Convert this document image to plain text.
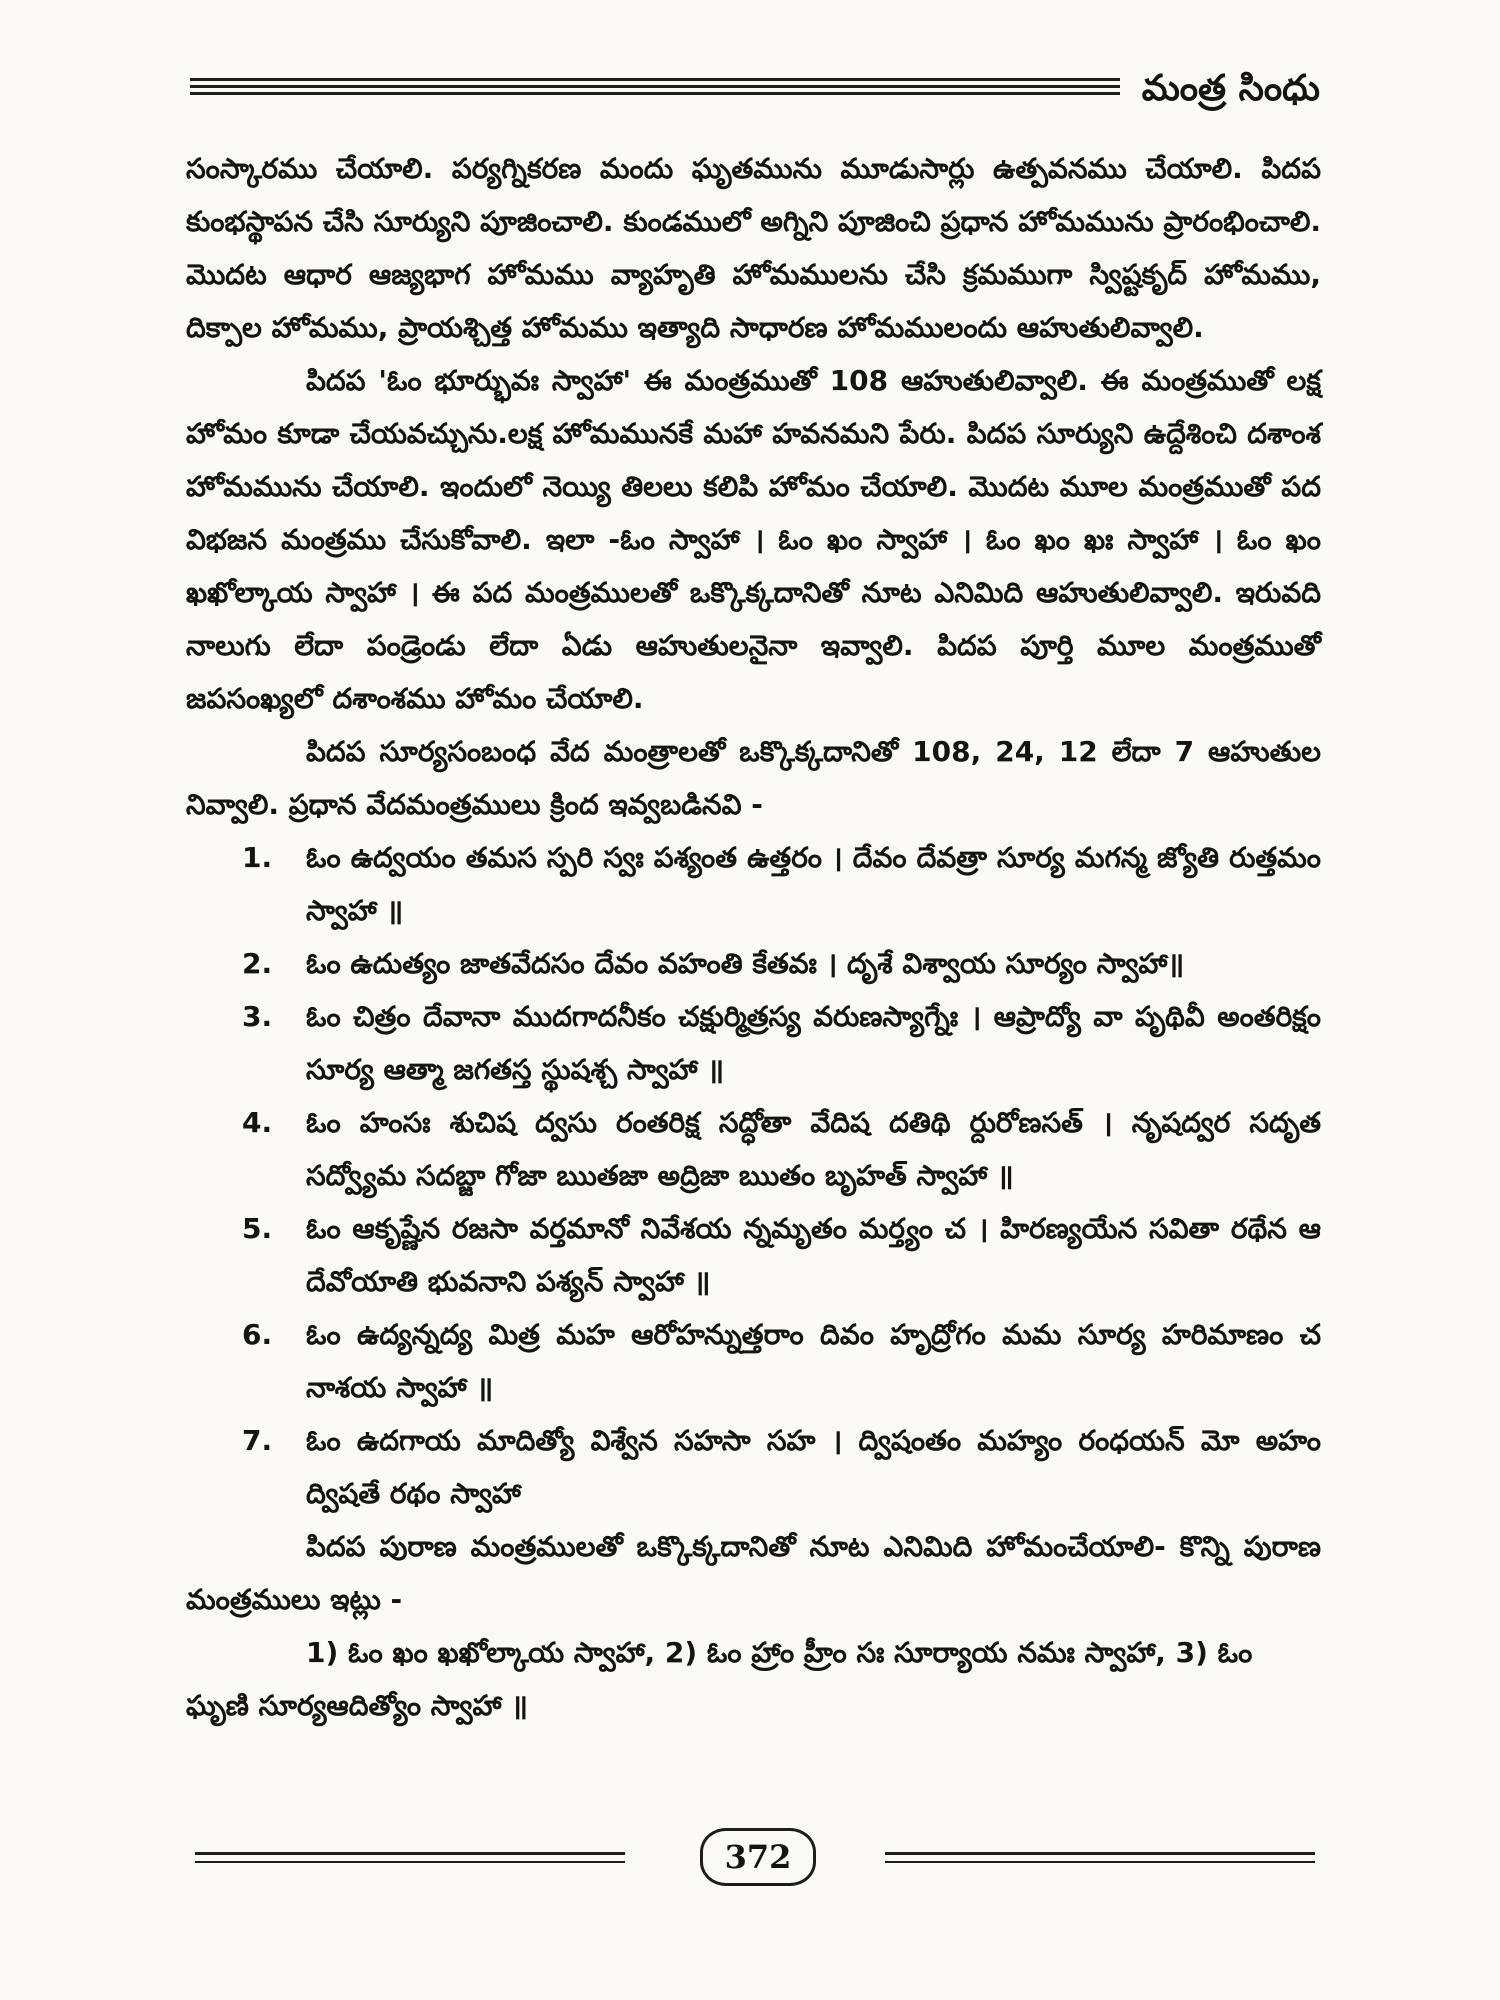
మంత్ర సింధు

సంస్కారము చేయాలి. పర్యగ్నికరణ మందు ఘృతమును మూడుసార్లు ఉత్పవనము చేయాలి. పిదప కుంభస్థాపన చేసి సూర్యుని పూజించాలి. కుండములో అగ్నిని పూజించి ప్రధాన హోమమును ప్రారంభించాలి. మొదట ఆధార ఆజ్యభాగ హోమము వ్యాహృతి హోమములను చేసి క్రమముగా స్విష్టకృద్ హోమము, దిక్పాల హోమము, ప్రాయశ్చిత్త హోమము ఇత్యాది సాధారణ హోమములందు ఆహుతులివ్వాలి.

పిదప 'ఓం భూర్భువః స్వాహా' ఈ మంత్రముతో 108 ఆహుతులివ్వాలి. ఈ మంత్రముతో లక్ష హోమం కూడా చేయవచ్చును.లక్ష హోమమునకే మహా హవనమని పేరు. పిదప సూర్యుని ఉద్దేశించి దశాంశ హోమమును చేయాలి. ఇందులో నెయ్యి తిలలు కలిపి హోమం చేయాలి. మొదట మూల మంత్రముతో పద విభజన మంత్రము చేసుకోవాలి. ఇలా -ఓం స్వాహా । ఓం ఖం స్వాహా । ఓం ఖం ఖః స్వాహా । ఓం ఖం ఖఖోల్కాయ స్వాహా । ఈ పద మంత్రములతో ఒక్కొక్కదానితో నూట ఎనిమిది ఆహుతులివ్వాలి. ఇరువది నాలుగు లేదా పండ్రెండు లేదా ఏడు ఆహుతులనైనా ఇవ్వాలి. పిదప పూర్తి మూల మంత్రముతో జపసంఖ్యలో దశాంశము హోమం చేయాలి.

పిదప సూర్యసంబంధ వేద మంత్రాలతో ఒక్కొక్కదానితో 108, 24, 12 లేదా 7 ఆహుతుల నివ్వాలి. ప్రధాన వేదమంత్రములు క్రింద ఇవ్వబడినవి -

1.	ఓం ఉద్వయం తమస స్పరి స్వః పశ్యంత ఉత్తరం । దేవం దేవత్రా సూర్య మగన్మ జ్యోతి రుత్తమం స్వాహా ॥
2.	ఓం ఉదుత్యం జాతవేదసం దేవం వహంతి కేతవః । దృశే విశ్వాయ సూర్యం స్వాహా॥
3.	ఓం చిత్రం దేవానా ముదగాదనీకం చక్షుర్మిత్రస్య వరుణస్యాగ్నేః । ఆప్రాద్యో వా పృథివీ అంతరిక్షం సూర్య ఆత్మా జగతస్త స్థుషశ్చ స్వాహా ॥
4.	ఓం హంసః శుచిష ద్వసు రంతరిక్ష సద్ధోతా వేదిష దతిథి ర్దురోణసత్ । నృషద్వర సదృత సద్వ్యోమ సదబ్జా గోజా ఋతజా అద్రిజా ఋతం బృహత్ స్వాహా ॥
5.	ఓం ఆకృష్ణేన రజసా వర్తమానో నివేశయ న్నమృతం మర్త్యం చ । హిరణ్యయేన సవితా రథేన ఆ దేవోయాతి భువనాని పశ్యన్ స్వాహా ॥
6.	ఓం ఉద్యన్నద్య మిత్ర మహ ఆరోహన్నుత్తరాం దివం హృద్రోగం మమ సూర్య హరిమాణం చ నాశయ స్వాహా ॥
7.	ఓం ఉదగాయ మాదిత్యో విశ్వేన సహసా సహ । ద్విషంతం మహ్యం రంధయన్ మో అహం ద్విషతే రథం స్వాహా

పిదప పురాణ మంత్రములతో ఒక్కొక్కదానితో నూట ఎనిమిది హోమంచేయాలి- కొన్ని పురాణ మంత్రములు ఇట్లు -

1) ఓం ఖం ఖఖోల్కాయ స్వాహా, 2) ఓం హ్రాం హ్రీం సః సూర్యాయ నమః స్వాహా, 3) ఓం ఘృణి సూర్యఆదిత్యోం స్వాహా ॥

372
